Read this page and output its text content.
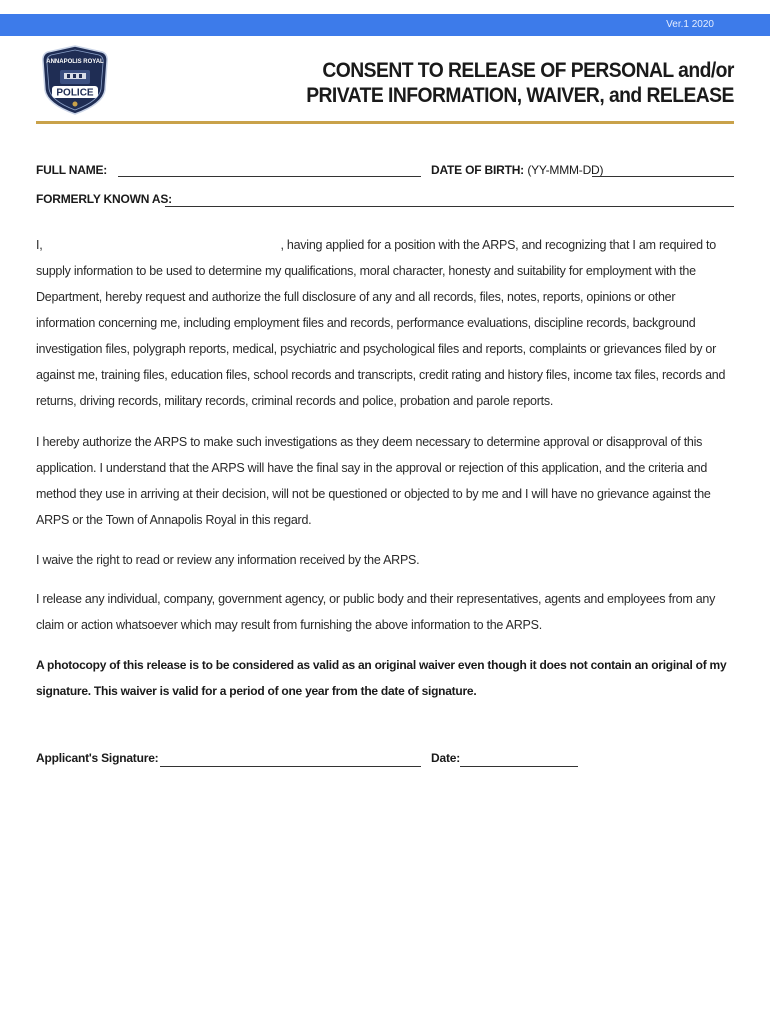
Ver.1 2020
ANNAPOLIS ROYAL
POLICE
CONSENT TO RELEASE OF PERSONAL and/or
PRIVATE INFORMATION, WAIVER, and RELEASE
FULL NAME:	DATE OF BIRTH: (YY-MMM-DD)
FORMERLY KNOWN AS:
I,	, having applied for a position with the ARPS, and recognizing that I am required to supply information to be used to determine my qualifications, moral character, honesty and suitability for employment with the Department, hereby request and authorize the full disclosure of any and all records, files, notes, reports, opinions or other information concerning me, including employment files and records, performance evaluations, discipline records, background investigation files, polygraph reports, medical, psychiatric and psychological files and reports, complaints or grievances filed by or against me, training files, education files, school records and transcripts, credit rating and history files, income tax files, records and returns, driving records, military records, criminal records and police, probation and parole reports.
I hereby authorize the ARPS to make such investigations as they deem necessary to determine approval or disapproval of this application. I understand that the ARPS will have the final say in the approval or rejection of this application, and the criteria and method they use in arriving at their decision, will not be questioned or objected to by me and I will have no grievance against the ARPS or the Town of Annapolis Royal in this regard.
I waive the right to read or review any information received by the ARPS.
I release any individual, company, government agency, or public body and their representatives, agents and employees from any claim or action whatsoever which may result from furnishing the above information to the ARPS.
A photocopy of this release is to be considered as valid as an original waiver even though it does not contain an original of my signature. This waiver is valid for a period of one year from the date of signature.
Applicant's Signature:	Date:
